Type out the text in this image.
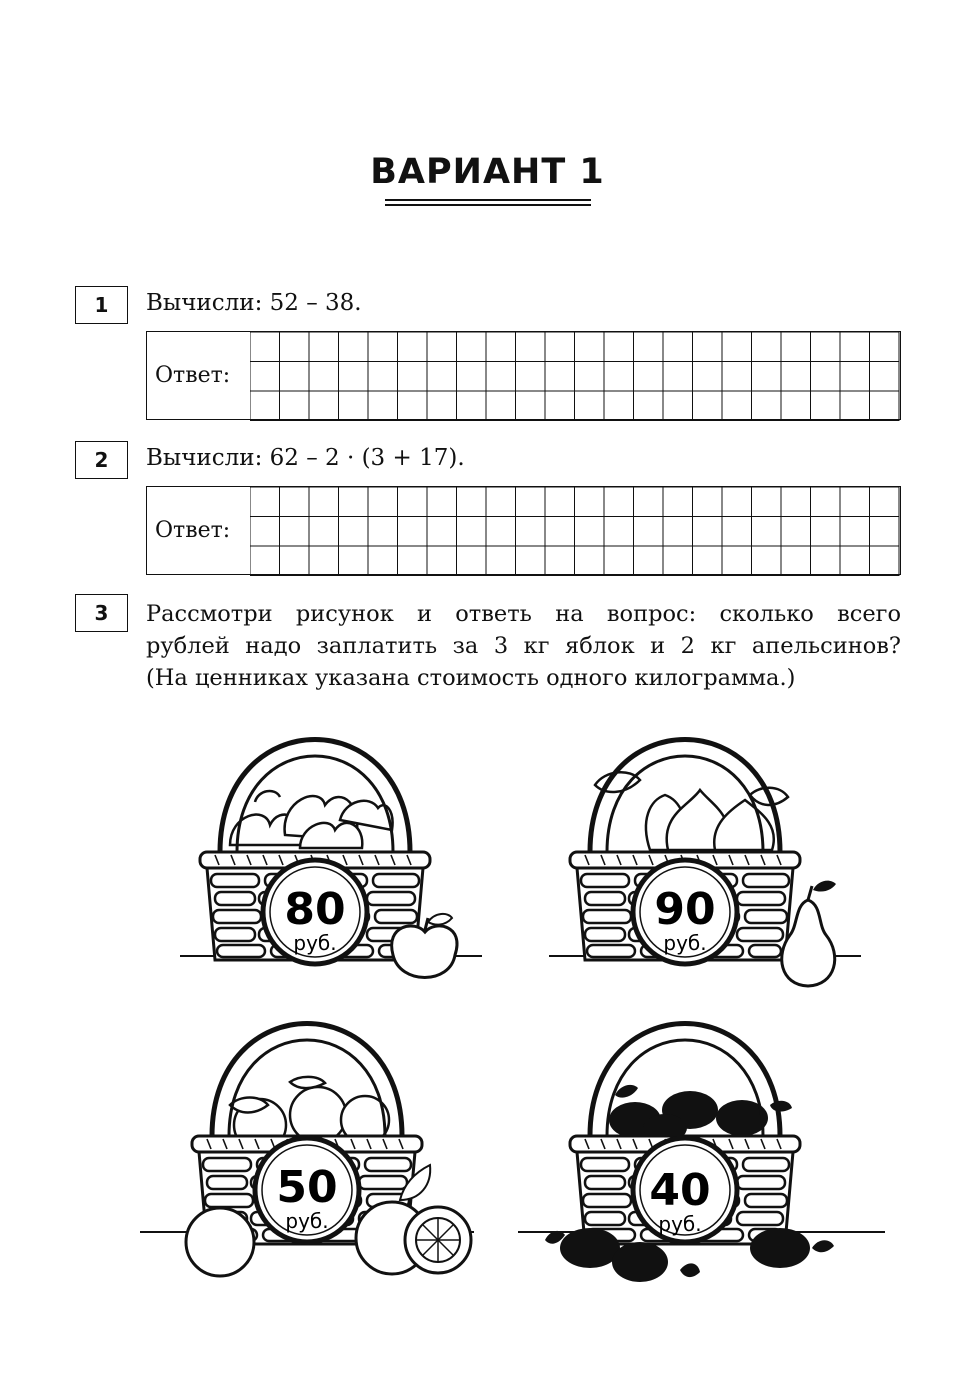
ВАРИАНТ 1
1	Вычисли: 52 – 38.
Ответ:
2	Вычисли: 62 – 2 · (3 + 17).
Ответ:
3	Рассмотри рисунок и ответь на вопрос: сколько всего
рублей надо заплатить за 3 кг яблок и 2 кг апельсинов?
(На ценниках указана стоимость одного килограмма.)
80
руб.
90
руб.
50
руб.
40
руб.
